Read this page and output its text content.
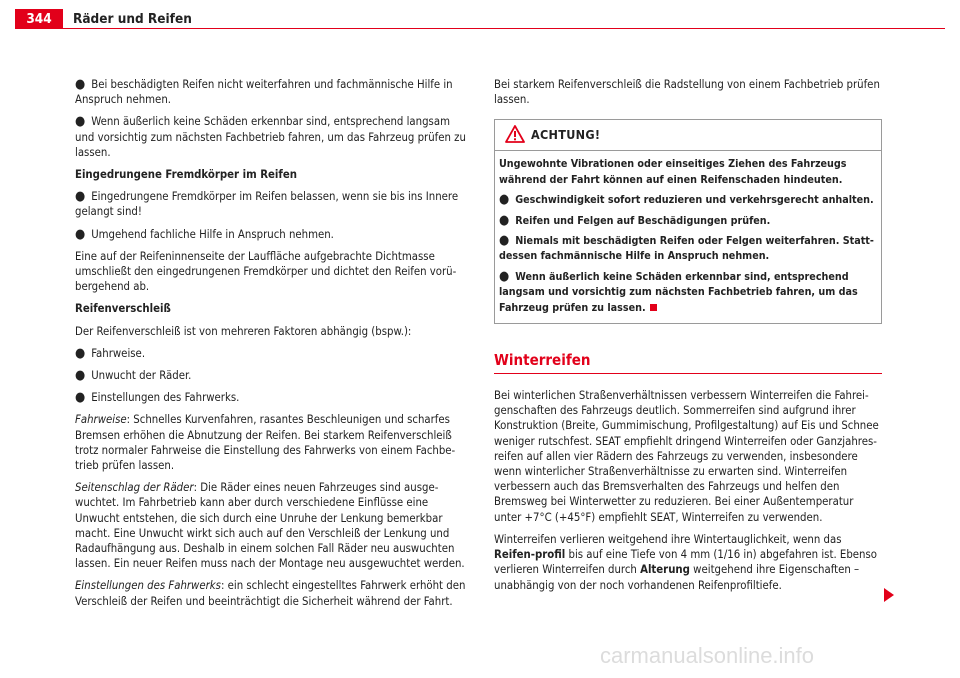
344	Räder und Reifen

● Bei beschädigten Reifen nicht weiterfahren und fachmännische Hilfe in Anspruch nehmen.

● Wenn äußerlich keine Schäden erkennbar sind, entsprechend langsam und vorsichtig zum nächsten Fachbetrieb fahren, um das Fahrzeug prüfen zu lassen.

Eingedrungene Fremdkörper im Reifen

● Eingedrungene Fremdkörper im Reifen belassen, wenn sie bis ins Innere gelangt sind!

● Umgehend fachliche Hilfe in Anspruch nehmen.

Eine auf der Reifeninnenseite der Lauffläche aufgebrachte Dichtmasse umschließt den eingedrungenen Fremdkörper und dichtet den Reifen vorü-bergehend ab.

Reifenverschleiß

Der Reifenverschleiß ist von mehreren Faktoren abhängig (bspw.):

● Fahrweise.

● Unwucht der Räder.

● Einstellungen des Fahrwerks.

Fahrweise: Schnelles Kurvenfahren, rasantes Beschleunigen und scharfes Bremsen erhöhen die Abnutzung der Reifen. Bei starkem Reifenverschleiß trotz normaler Fahrweise die Einstellung des Fahrwerks von einem Fachbe-trieb prüfen lassen.

Seitenschlag der Räder: Die Räder eines neuen Fahrzeuges sind ausge-wuchtet. Im Fahrbetrieb kann aber durch verschiedene Einflüsse eine Unwucht entstehen, die sich durch eine Unruhe der Lenkung bemerkbar macht. Eine Unwucht wirkt sich auch auf den Verschleiß der Lenkung und Radaufhängung aus. Deshalb in einem solchen Fall Räder neu auswuchten lassen. Ein neuer Reifen muss nach der Montage neu ausgewuchtet werden.

Einstellungen des Fahrwerks: ein schlecht eingestelltes Fahrwerk erhöht den Verschleiß der Reifen und beeinträchtigt die Sicherheit während der Fahrt.

Bei starkem Reifenverschleiß die Radstellung von einem Fachbetrieb prüfen lassen.

ACHTUNG!

Ungewohnte Vibrationen oder einseitiges Ziehen des Fahrzeugs während der Fahrt können auf einen Reifenschaden hindeuten.

● Geschwindigkeit sofort reduzieren und verkehrsgerecht anhalten.

● Reifen und Felgen auf Beschädigungen prüfen.

● Niemals mit beschädigten Reifen oder Felgen weiterfahren. Statt-dessen fachmännische Hilfe in Anspruch nehmen.

● Wenn äußerlich keine Schäden erkennbar sind, entsprechend langsam und vorsichtig zum nächsten Fachbetrieb fahren, um das Fahrzeug prüfen zu lassen.

Winterreifen

Bei winterlichen Straßenverhältnissen verbessern Winterreifen die Fahrei-genschaften des Fahrzeugs deutlich. Sommerreifen sind aufgrund ihrer Konstruktion (Breite, Gummimischung, Profilgestaltung) auf Eis und Schnee weniger rutschfest. SEAT empfiehlt dringend Winterreifen oder Ganzjahres-reifen auf allen vier Rädern des Fahrzeugs zu verwenden, insbesondere wenn winterlicher Straßenverhältnisse zu erwarten sind. Winterreifen verbessern auch das Bremsverhalten des Fahrzeugs und helfen den Bremsweg bei Winterwetter zu reduzieren. Bei einer Außentemperatur unter +7°C (+45°F) empfiehlt SEAT, Winterreifen zu verwenden.

Winterreifen verlieren weitgehend ihre Wintertauglichkeit, wenn das Reifen-profil bis auf eine Tiefe von 4 mm (1/16 in) abgefahren ist. Ebenso verlieren Winterreifen durch Alterung weitgehend ihre Eigenschaften – unabhängig von der noch vorhandenen Reifenprofiltiefe.

carmanualsonline.info
